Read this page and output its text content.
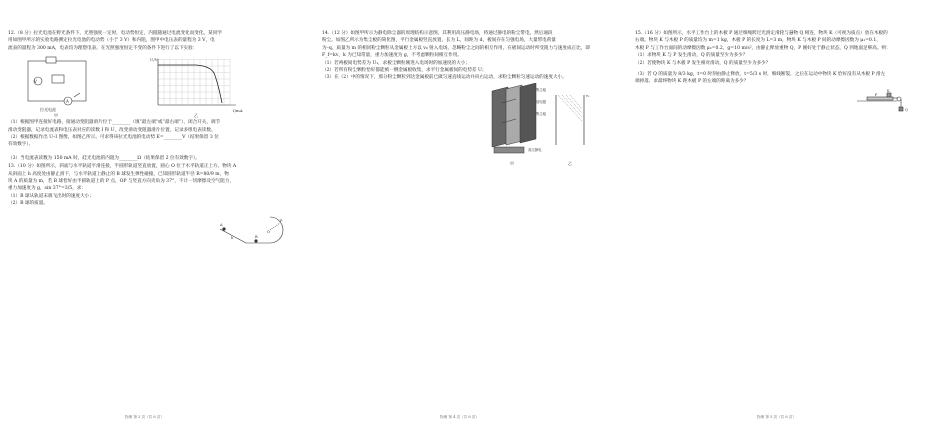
12.（8 分）拉光电池在野光条件下，光照强度一定时，电动势恒定，内阻随通过电流变化而变化。某同学

用如图甲所示的实验电路测定拉光电池的电动势（小于 3 V）和内阻，图甲中电压表的量程为 3 V，电

流表的量程为 300 mA，电表均为理想电表。在光照强度恒定不变的条件下进行了以下实验：

V
A
拉光电池
甲
U/V
I/mA
乙

（1）根据图甲连接好电路，接通动变阻器滑片位于________（填“最左端”或“最右端”），闭合开关，调节

滑动变阻器，记录电流表和电压表对应的读数 I 和 U，改变滑动变阻器滑片位置，记录多组电表读数。

（2）根据数据作出 U–I 图像，如图乙所示。可求得该拉光电池的电动势 E=________V（结果保留 3 位

有效数字）。

（3）当电流表读数为 150 mA 时，硅光电池的内阻为________Ω（结果保留 2 位有效数字）。

13.（10 分）如图所示，斜面与水平轨道平滑连接，半圆形轨道竖直放置，圆心 O 位于水平轨道正上方。物块 A

从斜面上 h 高度处由静止滑下，与水平轨道上静止的 B 球发生弹性碰撞，已知圆形轨道半径 R=80/9 m，物

块 A 的质量为 m，若 B 球恰好由半圆轨道上的 P 点，OP 与竖直方向夹角为 37°，不计一切摩擦及空气阻力，

重力加速度为 g，sin 37°=3/5，求：

（1）B 球从轨道末端飞出时的速度大小；

（2）B 球的质量。

A
B
h
O
P

14.（12 分）如图甲所示为静电除尘器的原理结构示意图，其利用高压静电场，将通过静电的粉尘带电，然后通段

粉尘。如图乙所示为集尘板的简化图，平行金属板竖直放置，长为 L，间距为 d，板间存在匀强电场，大量带电荷量

为–q、质量为 m 的相同粉尘颗粒从金属板上方以 v₀ 射入电场。忽略粉尘之间的相互作用，在板间运动时所受阻力与速度成正比，即

F_f=kv，k 为已知常量，重力加速度为 g，不考虑颗粒间相互作用。

（1）若两板间电势差为 U₁，求板尘颗粒刚进入电场时的加速度的大小；

（2）若所有粉尘颗粒恰好都能被一侧金属板收集，求平行金属板间的电势差 U；

（3）在（2）中的情况下，那分粉尘颗粒到达金属板前已做匀速直线运动并向右运动，求粉尘颗粒匀速运动的速度大小。

集尘板
放电极
集尘板
高压静电
甲
v₀
乙

15.（16 分）如图所示，水平工作台上的木板 P 通过细绳跨过光滑定滑轮与悬物 Q 相连，物块 K（可视为质点）放在木板的

右端。物块 K 与木板 P 的质量均为 m=1 kg，木板 P 的长度为 L=3 m，物块 K 与木板 P 间的动摩擦因数为 μ₁=0.1，

木板 P 与工作台面间的动摩擦因数 μ₂=0.2，g=10 m/s²，由静止释放重物 Q，P 刚好处于静止状态，Q 到地面足够高。则：

（1）求物块 K 与 P 发生滑动，Q 的质量至少为多少？

（2）若使物块 K 与木板 P 发生相对滑动，Q 的质量至少为多少？

（3）若 Q 的质量为 8/3 kg，t=0 时刻由静止释放，t=5/3 s 时，细线断裂，之后在运动中物块 K 恰好没有从木板 P 滑左

端掉落，求最终物块 K 距木板 P 的左端的距离为多少？

K
P
Q
物理 第 3 页（共 6 页）	物理 第 4 页（共 6 页）	物理 第 5 页（共 6 页）
